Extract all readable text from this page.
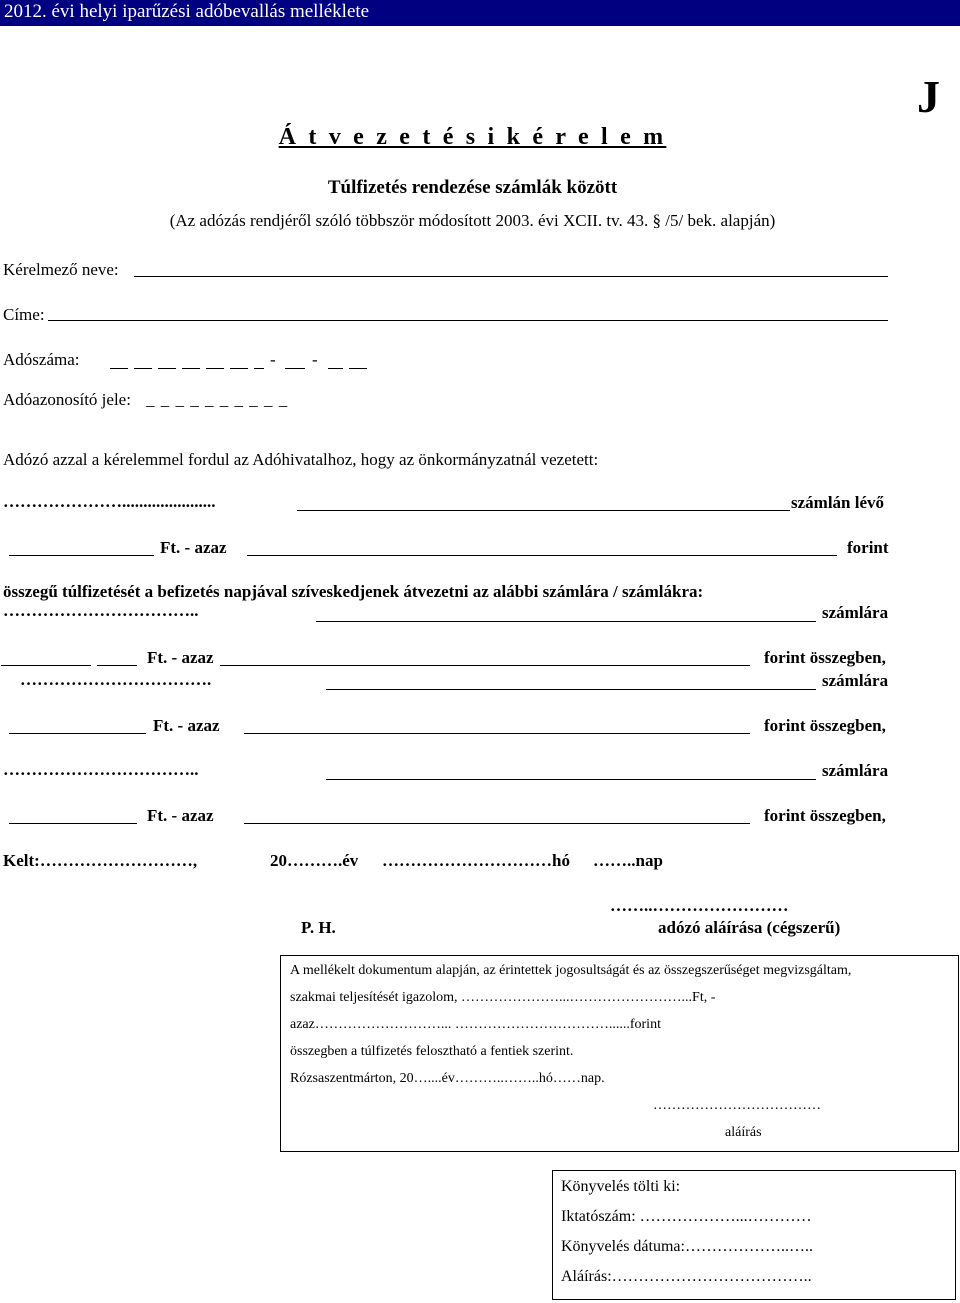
2012. évi helyi iparűzési adóbevallás melléklete
J
Á t v e z e t é s i k é r e l e m
Túlfizetés rendezése számlák között
(Az adózás rendjéről szóló többször módosított 2003. évi XCII. tv. 43. § /5/ bek. alapján)
Kérelmező neve:
Címe:
Adószáma:	- -
Adóazonosító jele: _ _ _ _ _ _ _ _ _ _
Adózó azzal a kérelemmel fordul az Adóhivatalhoz, hogy az önkormányzatnál vezetett:
…………………......................	számlán lévő
Ft. - azaz	forint
összegű túlfizetését a befizetés napjával szíveskedjenek átvezetni az alábbi számlára / számlákra:
……………………………..	számlára
Ft. - azaz	forint összegben,
…………………………….	számlára
Ft. - azaz	forint összegben,
……………………………..	számlára
Ft. - azaz	forint összegben,
Kelt:………………………,	20……….év …………………………hó ……..nap
……..……………………
P. H.	adózó aláírása (cégszerű)
A mellékelt dokumentum alapján, az érintettek jogosultságát és az összegszerűséget megvizsgáltam,
szakmai teljesítését igazolom, …………………...……………………...Ft, -
azaz………………………... ……………………………......forint
összegben a túlfizetés felosztható a fentiek szerint.
Rózsaszentmárton, 20…....év………..……..hó……nap.
………………………………
aláírás
Könyvelés tölti ki:
Iktatószám: ………………...…………
Könyvelés dátuma:………………..…..
Aláírás:………………………………..
